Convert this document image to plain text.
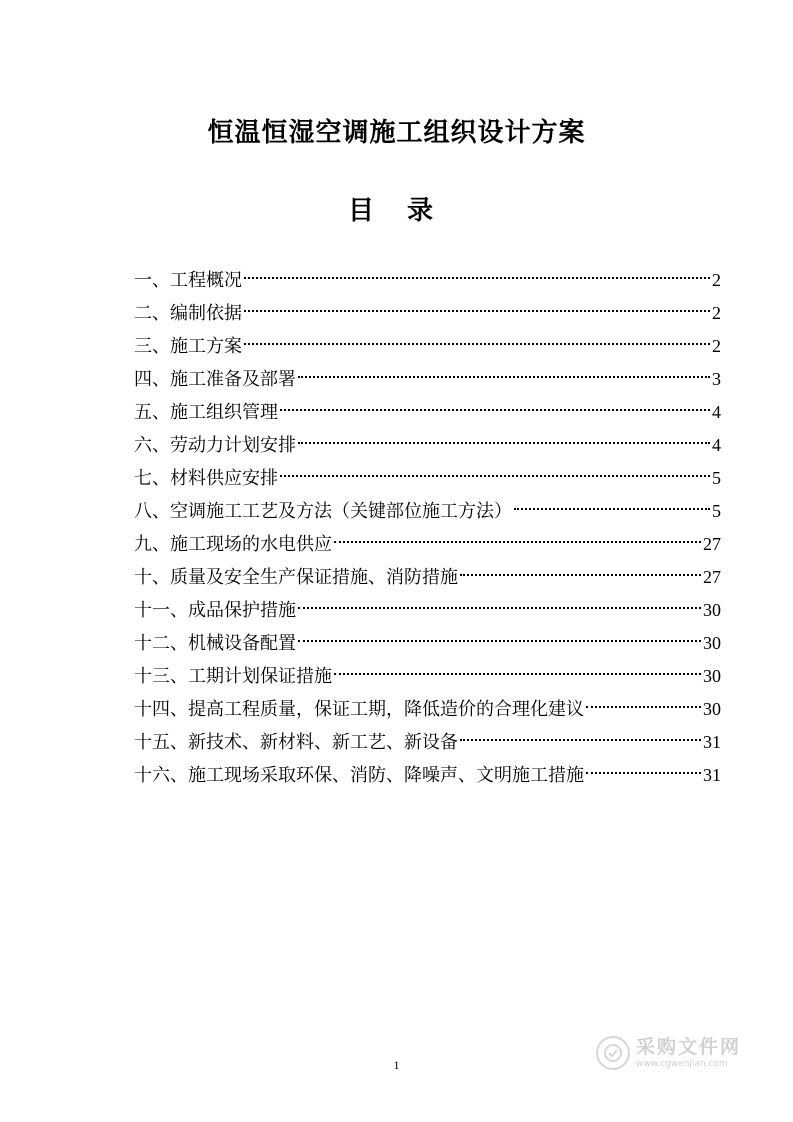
恒温恒湿空调施工组织设计方案
目 录
一、工程概况	2
二、编制依据	2
三、施工方案	2
四、施工准备及部署	3
五、施工组织管理	4
六、劳动力计划安排	4
七、材料供应安排	5
八、空调施工工艺及方法（关键部位施工方法）	5
九、施工现场的水电供应	27
十、质量及安全生产保证措施、消防措施	27
十一、成品保护措施	30
十二、机械设备配置	30
十三、工期计划保证措施	30
十四、提高工程质量，保证工期，降低造价的合理化建议	30
十五、新技术、新材料、新工艺、新设备	31
十六、施工现场采取环保、消防、降噪声、文明施工措施	31
1
采购文件网
www.cgwenjian.com
